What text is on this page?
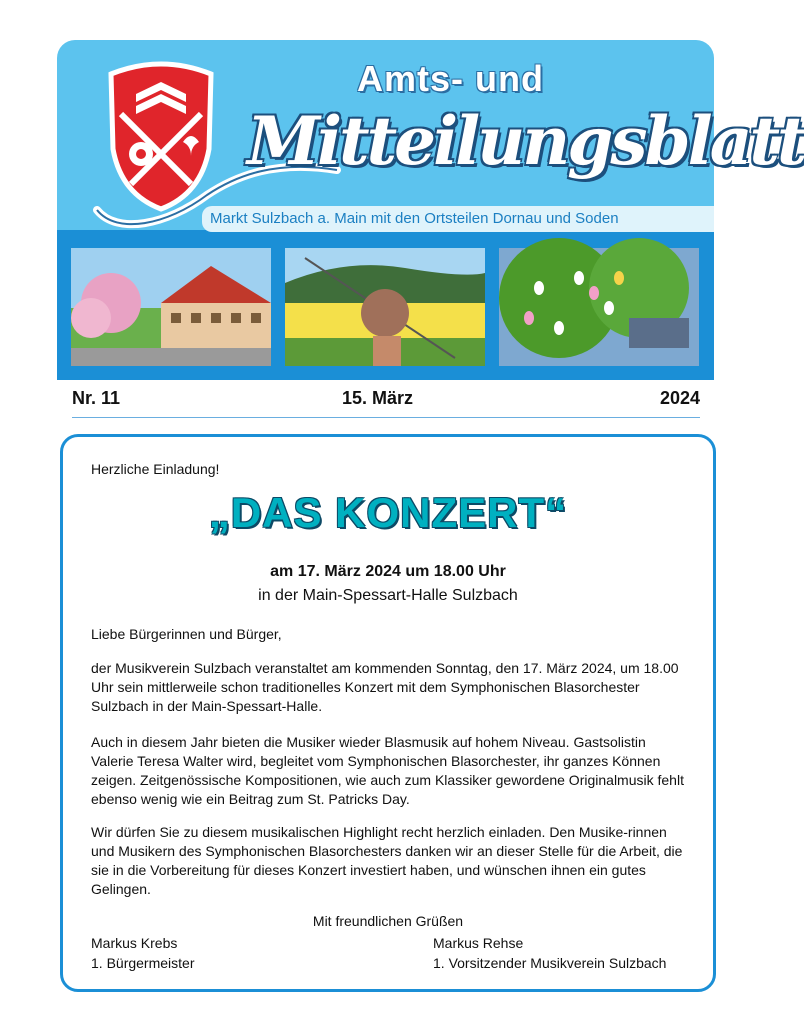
Amts- und
Mitteilungsblatt
Markt Sulzbach a. Main mit den Ortsteilen Dornau und Soden
Nr. 11	15. März	2024
Herzliche Einladung!
„DAS KONZERT“
am 17. März 2024 um 18.00 Uhr
in der Main-Spessart-Halle Sulzbach
Liebe Bürgerinnen und Bürger,
der Musikverein Sulzbach veranstaltet am kommenden Sonntag, den 17. März 2024, um 18.00 Uhr sein mittlerweile schon traditionelles Konzert mit dem Symphonischen Blasorchester Sulzbach in der Main-Spessart-Halle.
Auch in diesem Jahr bieten die Musiker wieder Blasmusik auf hohem Niveau. Gastsolistin Valerie Teresa Walter wird, begleitet vom Symphonischen Blasorchester, ihr ganzes Können zeigen. Zeitgenössische Kompositionen, wie auch zum Klassiker gewordene Originalmusik fehlt ebenso wenig wie ein Beitrag zum St. Patricks Day.
Wir dürfen Sie zu diesem musikalischen Highlight recht herzlich einladen. Den Musike-rinnen und Musikern des Symphonischen Blasorchesters danken wir an dieser Stelle für die Arbeit, die sie in die Vorbereitung für dieses Konzert investiert haben, und wünschen ihnen ein gutes Gelingen.
Mit freundlichen Grüßen
Markus Krebs
1. Bürgermeister
Markus Rehse
1. Vorsitzender Musikverein Sulzbach
